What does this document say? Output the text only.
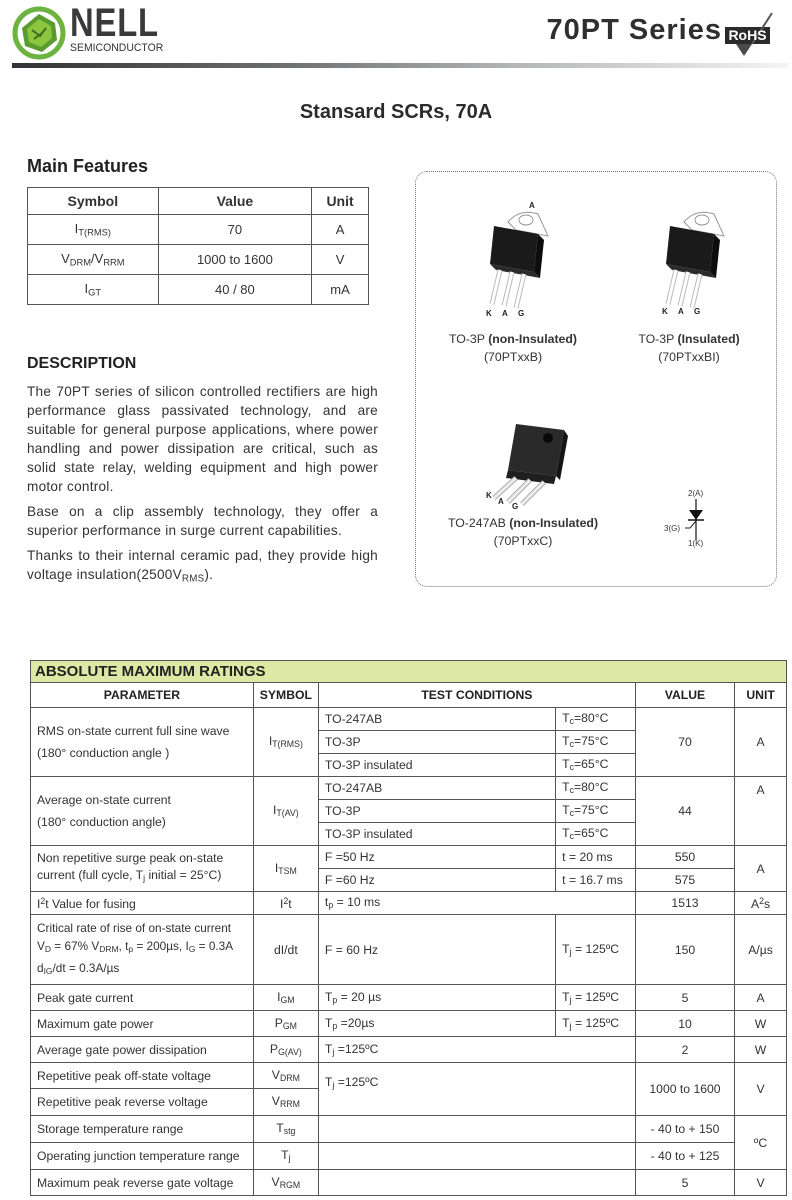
NELL
SEMICONDUCTOR
70PT Series RoHS
Stansard SCRs, 70A
Main Features
Symbol	Value	Unit
$I_{T(RMS)}$	70	A
$V_{DRM}/V_{RRM}$	1000 to 1600	V
$I_{GT}$	40 / 80	mA
DESCRIPTION

The 70PT series of silicon controlled rectifiers are high performance glass passivated technology, and are suitable for general purpose applications, where power handling and power dissipation are critical, such as solid state relay, welding equipment and high power motor control.

Base on a clip assembly technology, they offer a superior performance in surge current capabilities.

Thanks to their internal ceramic pad, they provide high voltage $insulation(2500V_{RMS})$.

A
K A G
TO-3P (non-Insulated)
(70PTxxB)
K A G
TO-3P (Insulated)
(70PTxxBI)
K
A
G
TO-247AB (non-Insulated)
(70PTxxC)
2(A)
3(G)
1(K)
ABSOLUTE MAXIMUM RATINGS					
PARAMETER	SYMBOL	TEST CONDITIONS		VALUE	UNIT

RMS on-state current full sine wave
(180° conduction angle )	$I_{T(RMS)}$	TO-247AB	$T_c=80^\circ C$	70	A
		TO-3P	$T_c=75^\circ C$		
		TO-3P insulated	$T_c=65^\circ C$		

Average on-state current
(180° conduction angle)	$I_{T(AV)}$	TO-247AB	$T_c=80^\circ C$	44	A
		TO-3P	$T_c=75^\circ C$		
		TO-3P insulated	$T_c=65^\circ C$		

Non repetitive surge peak on-state
current (full cycle, $T_j$ initial = 25°C)	$I_{TSM}$	F =50 Hz	t = 20 ms	550	A
		F =60 Hz	t = 16.7 ms	575	
$I^2t$ Value for fusing	$I^2t$	$t_p = 10$ ms		1513	$A^2s$

Critical rate of rise of on-state current
$V_D = 67\%$ $V_{DRM}$, $t_p = 200\mu s$, $I_G = 0.3A$
$d_{IG}/dt = 0.3A/\mu s$	dI/dt	F = 60 Hz	$T_j$ = 125ºC	150	A/µs
Peak gate current	$I_{GM}$	$T_p = 20$ µs	$T_j$ = 125ºC	5	A
Maximum gate power	$P_{GM}$	$T_p =20\mu s$	$T_j$ = 125ºC	10	W
Average gate power dissipation	$P_{G(AV)}$	$T_j$ =125ºC		2	W
Repetitive peak off-state voltage	$V_{DRM}$	$T_j$ =125ºC		1000 to 1600	V
Repetitive peak reverse voltage	$V_{RRM}$
Storage temperature range	$T_{stg}$			- 40 to + 150	ºC
Operating junction temperature range	$T_j$			- 40 to + 125	
Maximum peak reverse gate voltage	$V_{RGM}$			5	V
